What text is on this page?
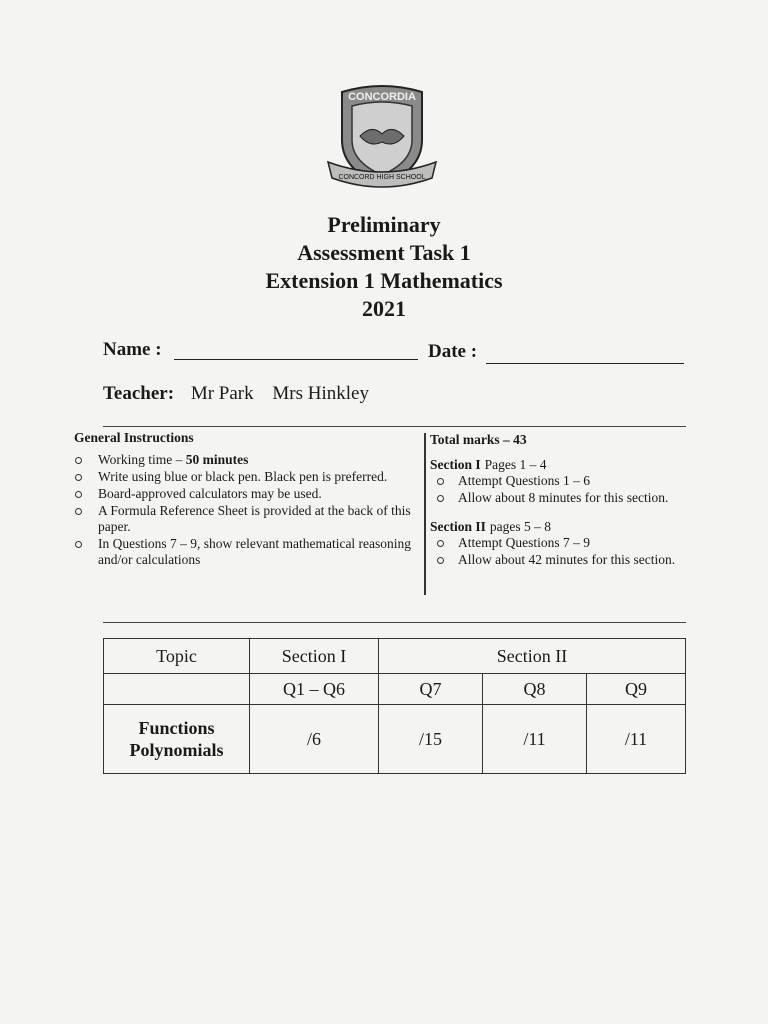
CONCORDIA
CONCORD HIGH SCHOOL
Preliminary
Assessment Task 1
Extension 1 Mathematics
2021
Name :	Date :
Teacher: Mr Park Mrs Hinkley
General Instructions
Working time – 50 minutes
Write using blue or black pen. Black pen is preferred.
Board-approved calculators may be used.
A Formula Reference Sheet is provided at the back of this paper.
In Questions 7 – 9, show relevant mathematical reasoning and/or calculations
Total marks – 43
Section I Pages 1 – 4
Attempt Questions 1 – 6
Allow about 8 minutes for this section.
Section II pages 5 – 8
Attempt Questions 7 – 9
Allow about 42 minutes for this section.
Topic	Section I	Section II		
	Q1 – Q6	Q7	Q8	Q9

Functions
Polynomials	/6	/15	/11	/11
